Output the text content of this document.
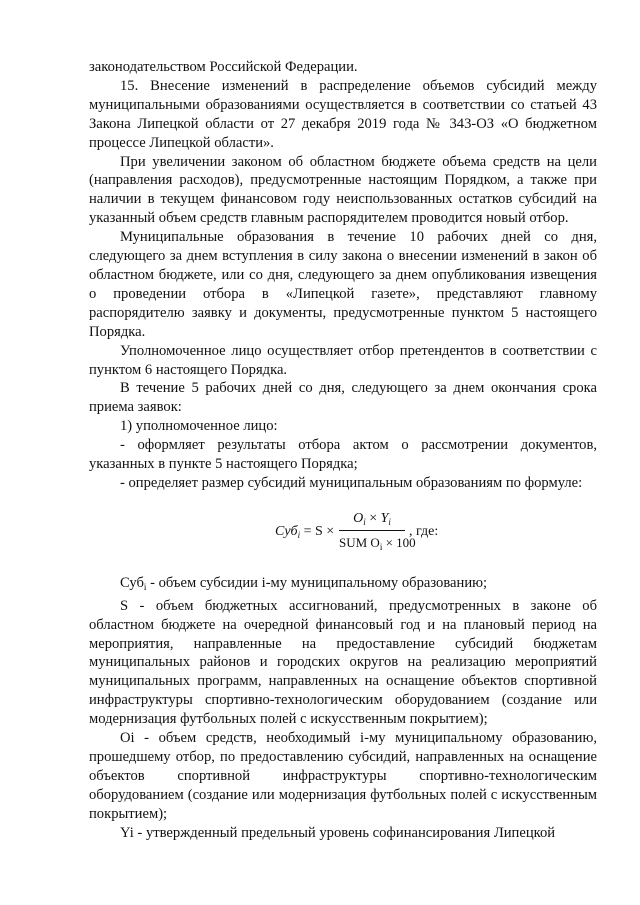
законодательством Российской Федерации.

15. Внесение изменений в распределение объемов субсидий между муниципальными образованиями осуществляется в соответствии со статьей 43 Закона Липецкой области от 27 декабря 2019 года № 343-ОЗ «О бюджетном процессе Липецкой области».

При увеличении законом об областном бюджете объема средств на цели (направления расходов), предусмотренные настоящим Порядком, а также при наличии в текущем финансовом году неиспользованных остатков субсидий на указанный объем средств главным распорядителем проводится новый отбор.

Муниципальные образования в течение 10 рабочих дней со дня, следующего за днем вступления в силу закона о внесении изменений в закон об областном бюджете, или со дня, следующего за днем опубликования извещения о проведении отбора в «Липецкой газете», представляют главному распорядителю заявку и документы, предусмотренные пунктом 5 настоящего Порядка.

Уполномоченное лицо осуществляет отбор претендентов в соответствии с пунктом 6 настоящего Порядка.

В течение 5 рабочих дней со дня, следующего за днем окончания срока приема заявок:

1) уполномоченное лицо:

- оформляет результаты отбора актом о рассмотрении документов, указанных в пункте 5 настоящего Порядка;

- определяет размер субсидий муниципальным образованиям по формуле:

Суб$_i$ = S ×
$O_i \times Y_i$
SUM $O_i \times 100$
, где:

Суб$_i$ - объем субсидии i-му муниципальному образованию;

S - объем бюджетных ассигнований, предусмотренных в законе об областном бюджете на очередной финансовый год и на плановый период на мероприятия, направленные на предоставление субсидий бюджетам муниципальных районов и городских округов на реализацию мероприятий муниципальных программ, направленных на оснащение объектов спортивной инфраструктуры спортивно-технологическим оборудованием (создание или модернизация футбольных полей с искусственным покрытием);

Oi - объем средств, необходимый i-му муниципальному образованию, прошедшему отбор, по предоставлению субсидий, направленных на оснащение объектов спортивной инфраструктуры спортивно-технологическим оборудованием (создание или модернизация футбольных полей с искусственным покрытием);

Yi - утвержденный предельный уровень софинансирования Липецкой
